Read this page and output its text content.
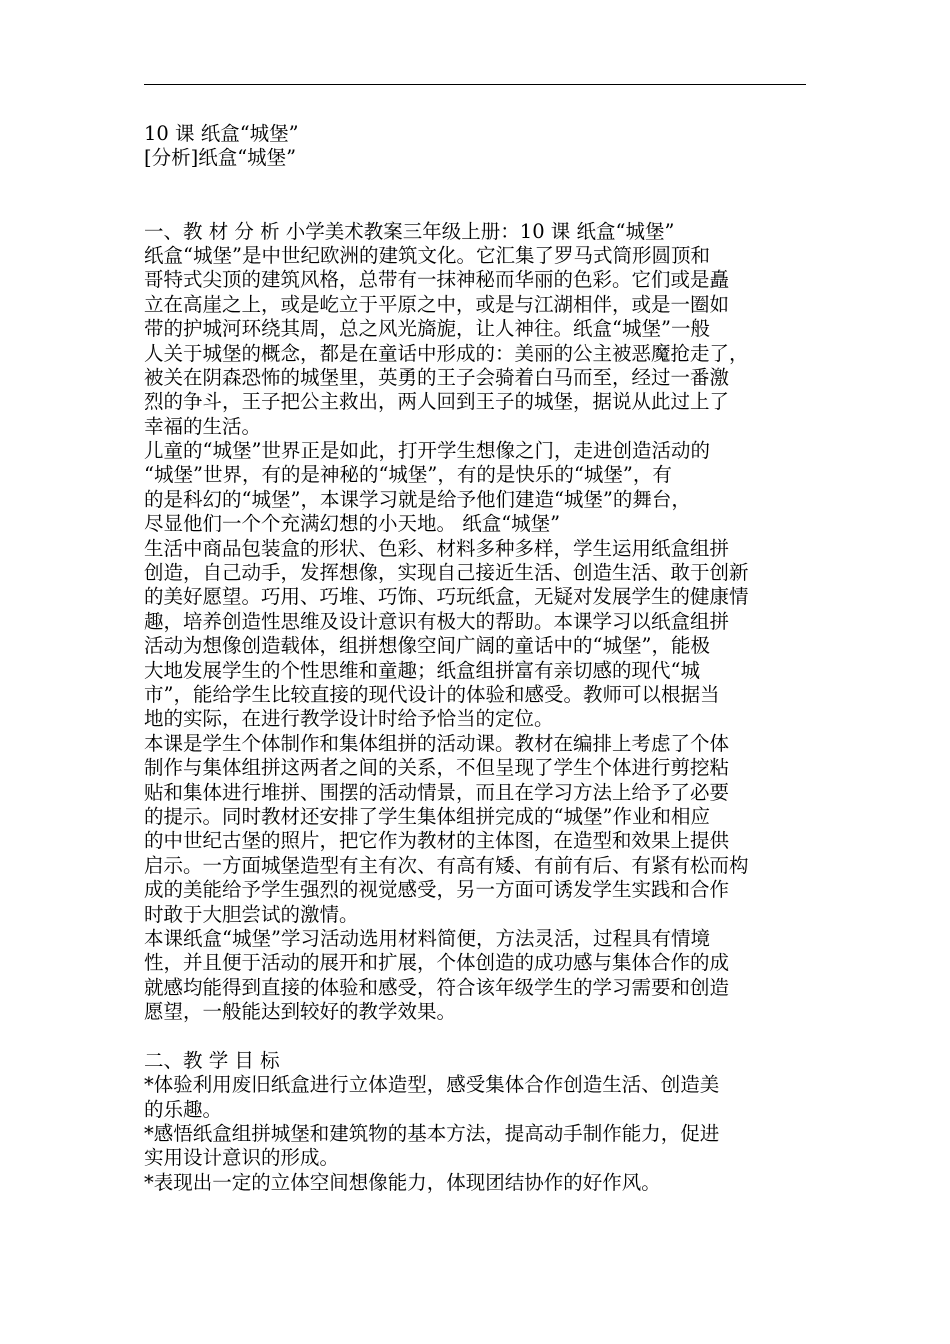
10 课 纸盒“城堡”
[分析]纸盒“城堡”
一、教 材 分 析 小学美术教案三年级上册：10 课 纸盒“城堡”
纸盒“城堡”是中世纪欧洲的建筑文化。它汇集了罗马式筒形圆顶和
哥特式尖顶的建筑风格，总带有一抹神秘而华丽的色彩。它们或是矗
立在高崖之上，或是屹立于平原之中，或是与江湖相伴，或是一圈如
带的护城河环绕其周，总之风光旖旎，让人神往。纸盒“城堡”一般
人关于城堡的概念，都是在童话中形成的：美丽的公主被恶魔抢走了，
被关在阴森恐怖的城堡里，英勇的王子会骑着白马而至，经过一番激
烈的争斗，王子把公主救出，两人回到王子的城堡，据说从此过上了
幸福的生活。
儿童的“城堡”世界正是如此，打开学生想像之门，走进创造活动的
“城堡”世界，有的是神秘的“城堡”，有的是快乐的“城堡”，有
的是科幻的“城堡”，本课学习就是给予他们建造“城堡”的舞台，
尽显他们一个个充满幻想的小天地。 纸盒“城堡”
生活中商品包装盒的形状、色彩、材料多种多样，学生运用纸盒组拼
创造，自己动手，发挥想像，实现自己接近生活、创造生活、敢于创新
的美好愿望。巧用、巧堆、巧饰、巧玩纸盒，无疑对发展学生的健康情
趣，培养创造性思维及设计意识有极大的帮助。本课学习以纸盒组拼
活动为想像创造载体，组拼想像空间广阔的童话中的“城堡”，能极
大地发展学生的个性思维和童趣；纸盒组拼富有亲切感的现代“城
市”，能给学生比较直接的现代设计的体验和感受。教师可以根据当
地的实际，在进行教学设计时给予恰当的定位。
本课是学生个体制作和集体组拼的活动课。教材在编排上考虑了个体
制作与集体组拼这两者之间的关系，不但呈现了学生个体进行剪挖粘
贴和集体进行堆拼、围摆的活动情景，而且在学习方法上给予了必要
的提示。同时教材还安排了学生集体组拼完成的“城堡”作业和相应
的中世纪古堡的照片，把它作为教材的主体图，在造型和效果上提供
启示。一方面城堡造型有主有次、有高有矮、有前有后、有紧有松而构
成的美能给予学生强烈的视觉感受，另一方面可诱发学生实践和合作
时敢于大胆尝试的激情。
本课纸盒“城堡”学习活动选用材料简便，方法灵活，过程具有情境
性，并且便于活动的展开和扩展，个体创造的成功感与集体合作的成
就感均能得到直接的体验和感受，符合该年级学生的学习需要和创造
愿望，一般能达到较好的教学效果。
二、教 学 目 标
*体验利用废旧纸盒进行立体造型，感受集体合作创造生活、创造美
的乐趣。
*感悟纸盒组拼城堡和建筑物的基本方法，提高动手制作能力，促进
实用设计意识的形成。
*表现出一定的立体空间想像能力，体现团结协作的好作风。
